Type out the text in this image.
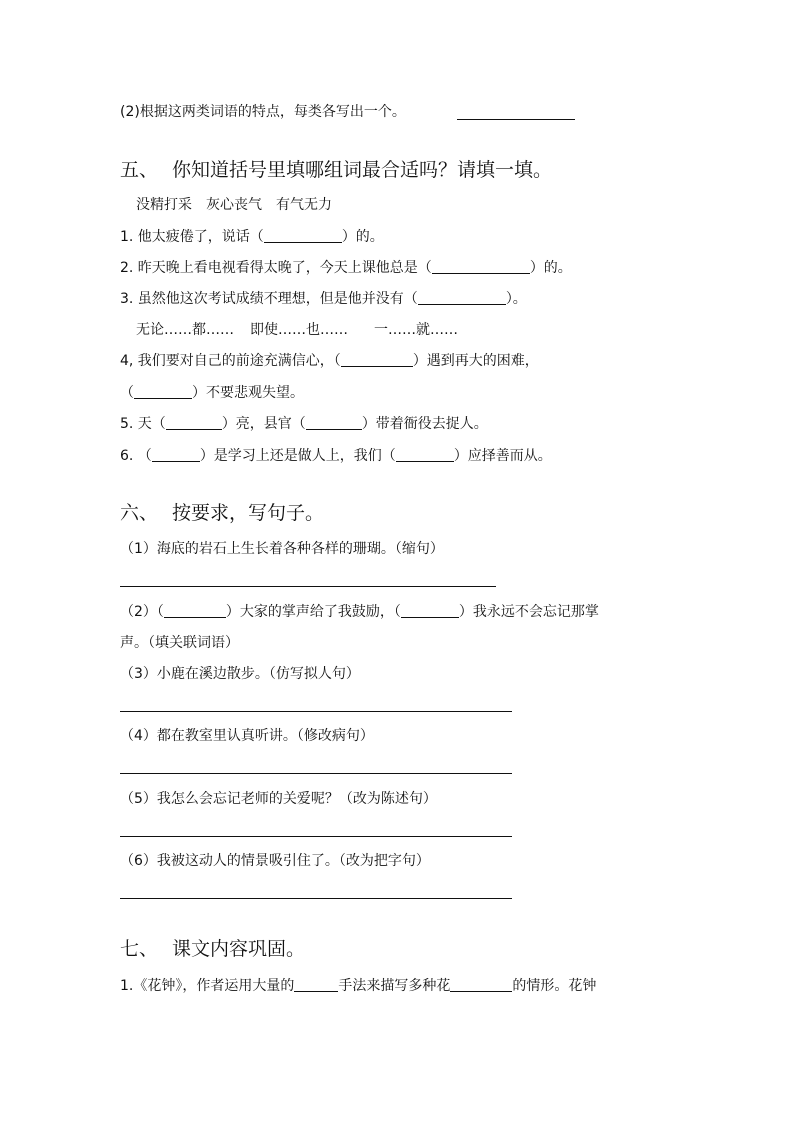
(2)根据这两类词语的特点，每类各写出一个。
五、 你知道括号里填哪组词最合适吗？请填一填。
没精打采　灰心丧气　有气无力
1. 他太疲倦了，说话（	）的。
2. 昨天晚上看电视看得太晚了，今天上课他总是（	）的。
3. 虽然他这次考试成绩不理想，但是他并没有（	）。
无论……都…… 即使……也…… 一……就……
4, 我们要对自己的前途充满信心，（	）遇到再大的困难，
（	）不要悲观失望。
5. 天（	）亮，县官（	）带着衙役去捉人。
6. （	）是学习上还是做人上，我们（	）应择善而从。
六、 按要求，写句子。
（1）海底的岩石上生长着各种各样的珊瑚。（缩句）
（2）（	）大家的掌声给了我鼓励，（	）我永远不会忘记那掌
声。（填关联词语）
（3）小鹿在溪边散步。（仿写拟人句）
（4）都在教室里认真听讲。（修改病句）
（5）我怎么会忘记老师的关爱呢？（改为陈述句）
（6）我被这动人的情景吸引住了。（改为把字句）
七、 课文内容巩固。
1.《花钟》，作者运用大量的	手法来描写多种花	的情形。花钟
